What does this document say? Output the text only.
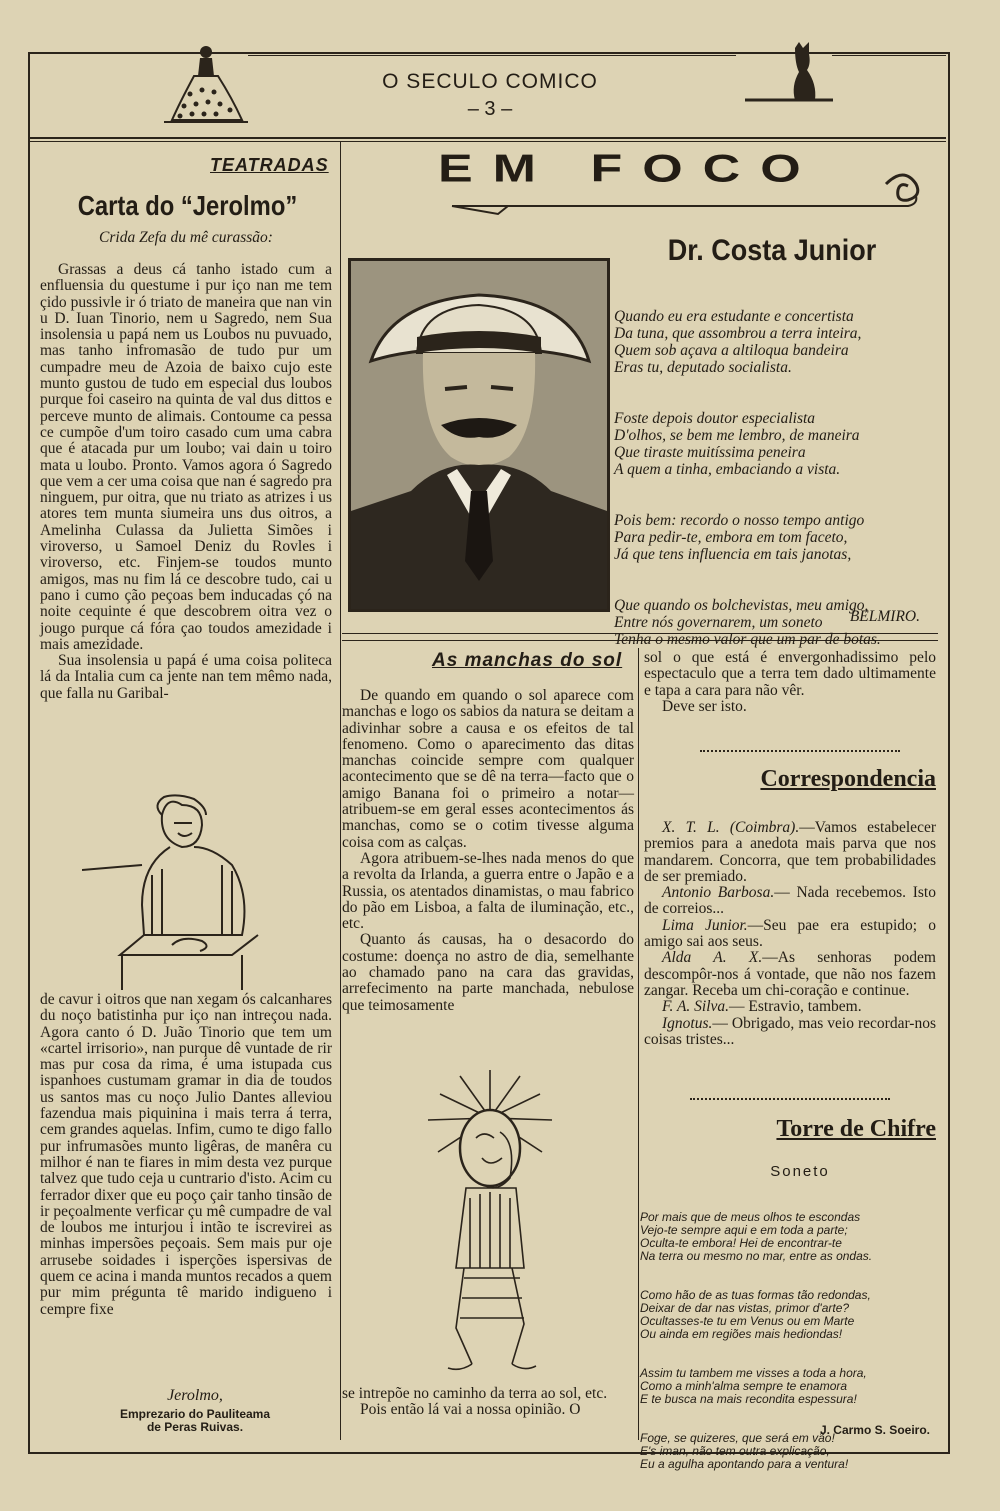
O SECULO COMICO
– 3 –
TEATRADAS
Carta do “Jerolmo”
Crida Zefa du mê curassão:

Grassas a deus cá tanho istado cum a enfluensia du questume i pur iço nan me tem çido pussivle ir ó triato de maneira que nan vin u D. Iuan Tinorio, nem u Sagredo, nem Sua insolensia u papá nem us Loubos nu puvuado, mas tanho infromasão de tudo pur um cumpadre meu de Azoia de baixo cujo este munto gustou de tudo em especial dus loubos purque foi caseiro na quinta de val dus dittos e perceve munto de alimais. Contoume ca pessa ce cumpõe d'um toiro casado cum uma cabra que é atacada pur um loubo; vai dain u toiro mata u loubo. Pronto. Vamos agora ó Sagredo que vem a cer uma coisa que nan é sagredo pra ninguem, pur oitra, que nu triato as atrizes i us atores tem munta siumeira uns dus oitros, a Amelinha Culassa da Julietta Simões i viroverso, u Samoel Deniz du Rovles i viroverso, etc. Finjem-se toudos munto amigos, mas nu fim lá ce descobre tudo, cai u pano i cumo ção peçoas bem inducadas çó na noite cequinte é que descobrem oitra vez o jougo purque cá fóra çao toudos amezidade i mais amezidade.

Sua insolensia u papá é uma coisa politeca lá da Intalia cum ca jente nan tem mêmo nada, que falla nu Garibal-

de cavur i oitros que nan xegam ós calcanhares du noço batistinha pur iço nan intreçou nada. Agora canto ó D. Juão Tinorio que tem um «cartel irrisorio», nan purque dê vuntade de rir mas pur cosa da rima, é uma istupada cus ispanhoes custumam gramar in dia de toudos us santos mas cu noço Julio Dantes alleviou fazendua mais piquinina i mais terra á terra, cem grandes aquelas. Infim, cumo te digo fallo pur infrumasões munto ligêras, de manêra cu milhor é nan te fiares in mim desta vez purque talvez que tudo ceja u cuntrario d'isto. Acim cu ferrador dixer que eu poço çair tanho tinsão de ir peçoalmente verficar çu mê cumpadre de val de loubos me inturjou i intão te iscrevirei as minhas impersões peçoais. Sem mais pur oje arrusebe soidades i isperções ispersivas de quem ce acina i manda muntos recados a quem pur mim prégunta tê marido indigueno i cempre fixe

Jerolmo,
Emprezario do Pauliteama
de Peras Ruivas.
EM FOCO
Dr. Costa Junior

Quando eu era estudante e concertista
Da tuna, que assombrou a terra inteira,
Quem sob açava a altiloqua bandeira
Eras tu, deputado socialista.

Foste depois doutor especialista
D'olhos, se bem me lembro, de maneira
Que tiraste muitíssima peneira
A quem a tinha, embaciando a vista.

Pois bem: recordo o nosso tempo antigo
Para pedir-te, embora em tom faceto,
Já que tens influencia em tais janotas,

Que quando os bolchevistas, meu amigo,
Entre nós governarem, um soneto
Tenha o mesmo valor que um par de botas.

BELMIRO.
As manchas do sol

De quando em quando o sol aparece com manchas e logo os sabios da natura se deitam a adivinhar sobre a causa e os efeitos de tal fenomeno. Como o aparecimento das ditas manchas coincide sempre com qualquer acontecimento que se dê na terra—facto que o amigo Banana foi o primeiro a notar—atribuem-se em geral esses acontecimentos ás manchas, como se o cotim tivesse alguma coisa com as calças.

Agora atribuem-se-lhes nada menos do que a revolta da Irlanda, a guerra entre o Japão e a Russia, os atentados dinamistas, o mau fabrico do pão em Lisboa, a falta de iluminação, etc., etc.

Quanto ás causas, ha o desacordo do costume: doença no astro de dia, semelhante ao chamado pano na cara das gravidas, arrefecimento na parte manchada, nebulose que teimosamente

se intrepõe no caminho da terra ao sol, etc.

Pois então lá vai a nossa opinião. O

sol o que está é envergonhadissimo pelo espectaculo que a terra tem dado ultimamente e tapa a cara para não vêr.

Deve ser isto.

Correspondencia

X. T. L. (Coimbra).—Vamos estabelecer premios para a anedota mais parva que nos mandarem. Concorra, que tem probabilidades de ser premiado.

Antonio Barbosa.— Nada recebemos. Isto de correios...

Lima Junior.—Seu pae era estupido; o amigo sai aos seus.

Alda A. X.—As senhoras podem descompôr-nos á vontade, que não nos fazem zangar. Receba um chi-coração e continue.

F. A. Silva.— Estravio, tambem.

Ignotus.— Obrigado, mas veio recordar-nos coisas tristes...

Torre de Chifre
Soneto

Por mais que de meus olhos te escondas
Vejo-te sempre aqui e em toda a parte;
Oculta-te embora! Hei de encontrar-te
Na terra ou mesmo no mar, entre as ondas.

Como hão de as tuas formas tão redondas,
Deixar de dar nas vistas, primor d'arte?
Ocultasses-te tu em Venus ou em Marte
Ou ainda em regiões mais hediondas!

Assim tu tambem me visses a toda a hora,
Como a minh'alma sempre te enamora
E te busca na mais recondita espessura!

Foge, se quizeres, que será em vão!
E's iman, não tem outra explicação,
Eu a agulha apontando para a ventura!

J. Carmo S. Soeiro.
